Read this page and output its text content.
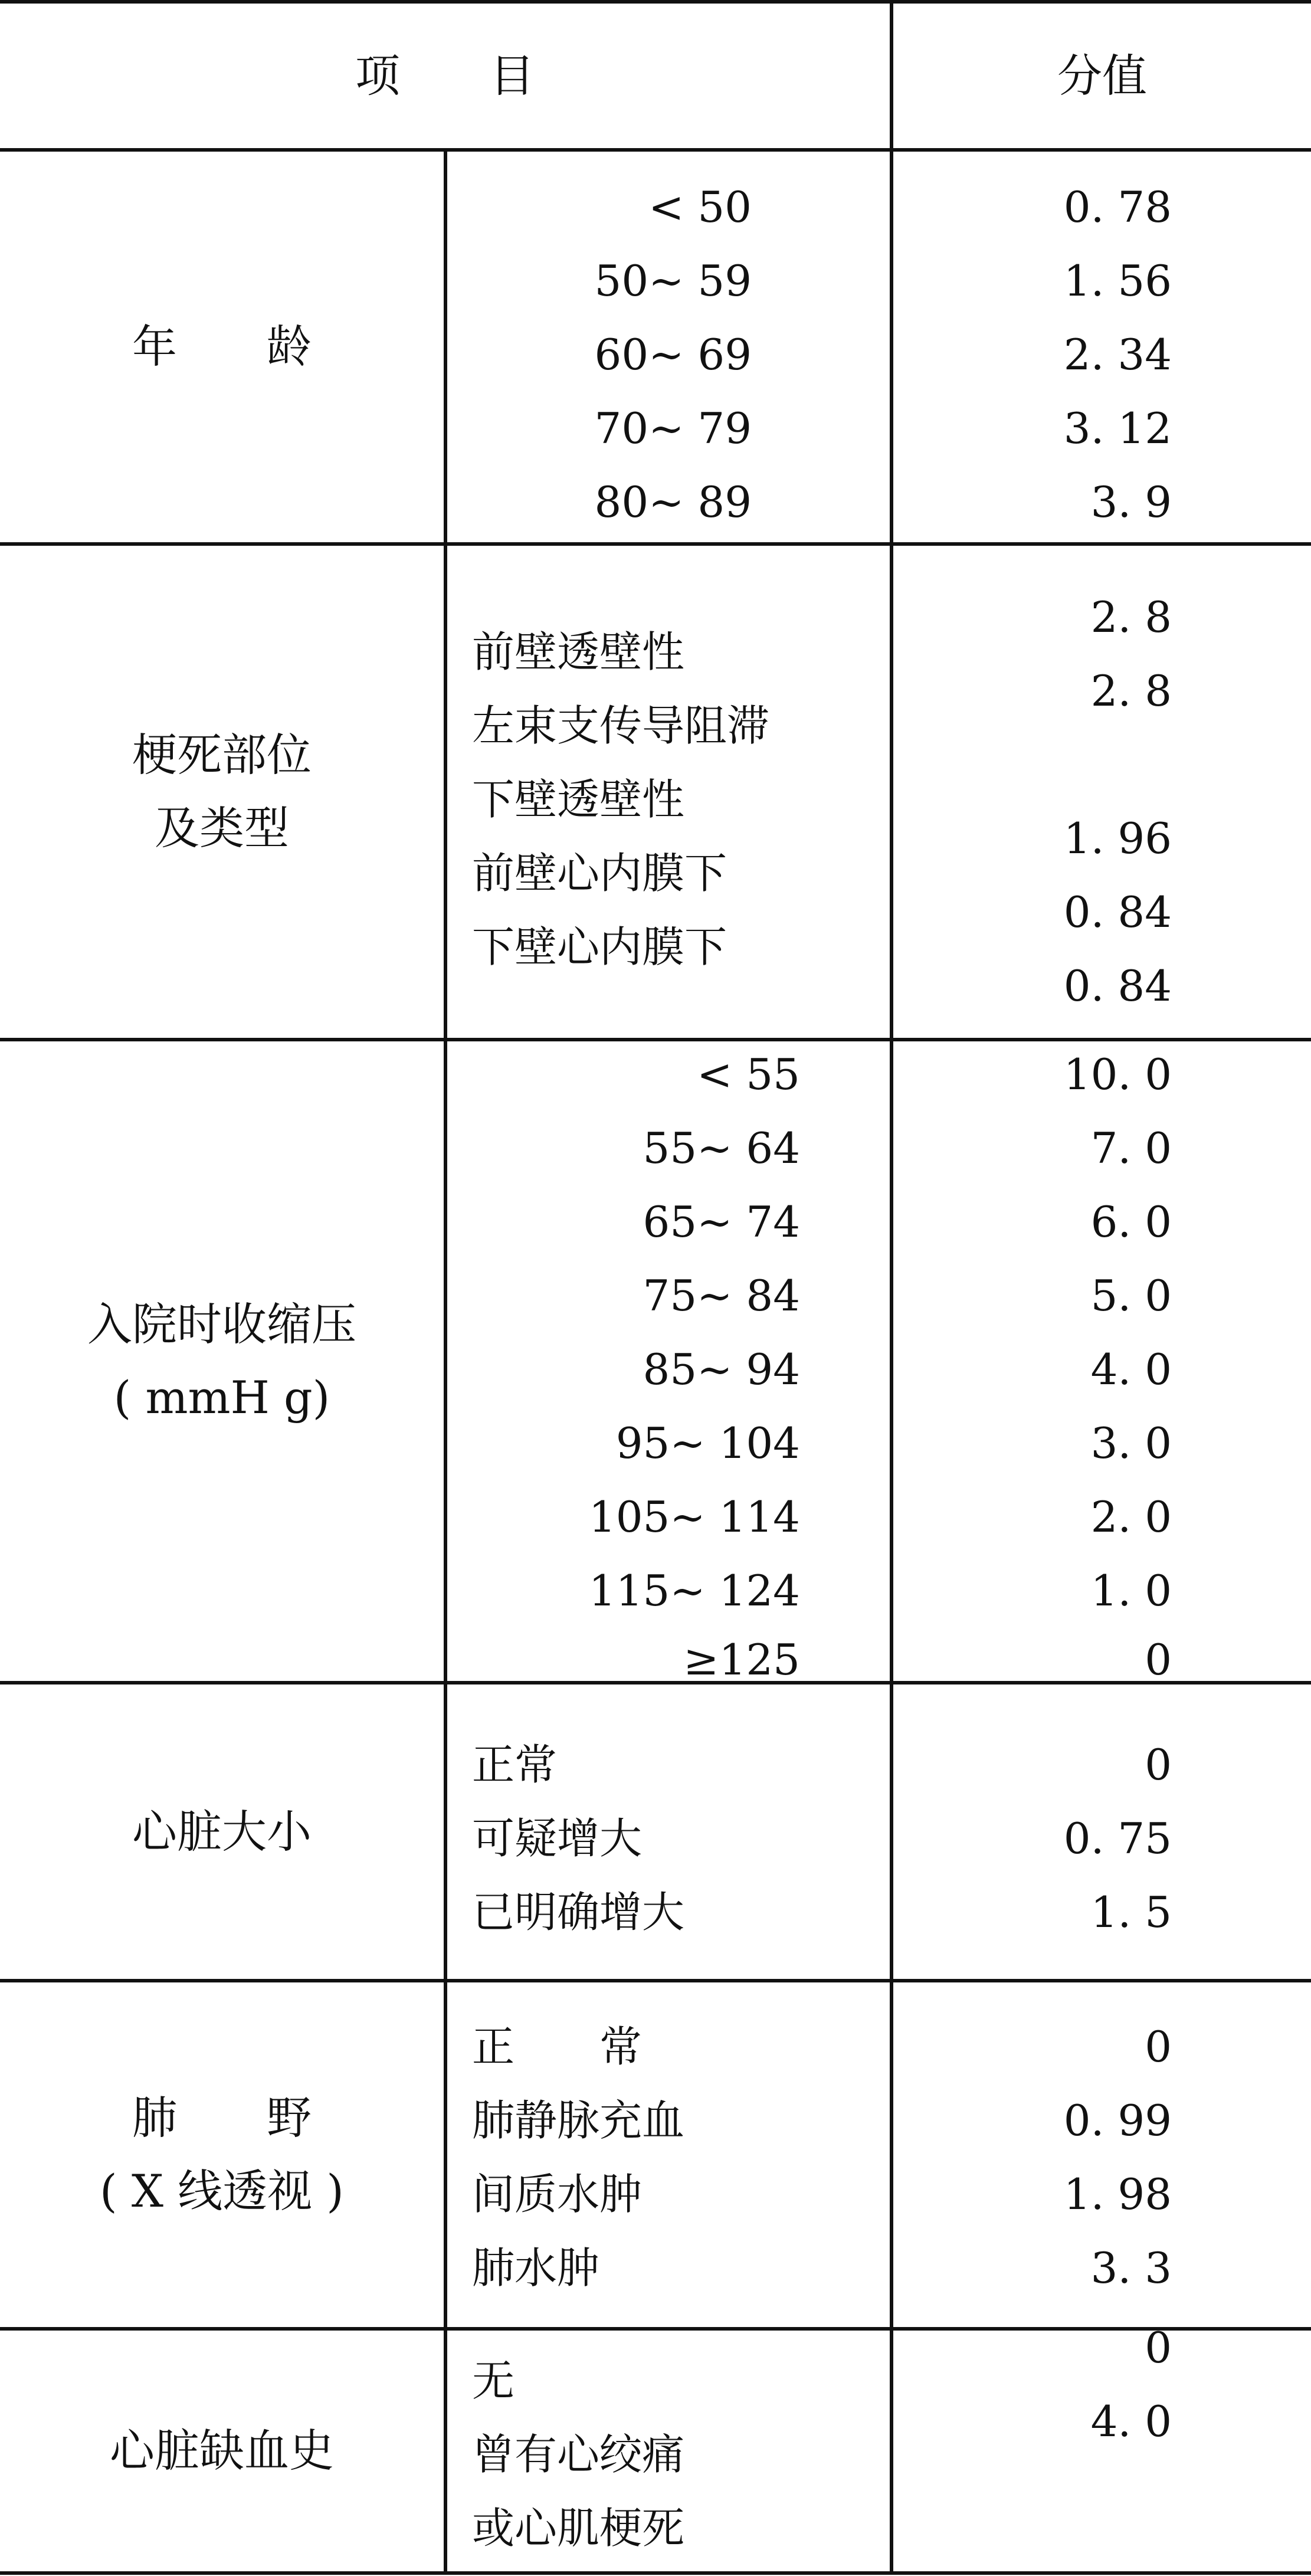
项　　目	分值
年　　龄
< 50
50~ 59
60~ 69
70~ 79
80~ 89
0. 78
1. 56
2. 34
3. 12
3. 9
梗死部位
及类型
前壁透壁性
左束支传导阻滞
下壁透壁性
前壁心内膜下
下壁心内膜下
2. 8
2. 8
1. 96
0. 84
0. 84
入院时收缩压
( mmH g)
< 55
55~ 64
65~ 74
75~ 84
85~ 94
95~ 104
105~ 114
115~ 124
≥125
10. 0
7. 0
6. 0
5. 0
4. 0
3. 0
2. 0
1. 0
0
心脏大小
正常
可疑增大
已明确增大
0
0. 75
1. 5
肺　　野
( X 线透视 )
正　　常
肺静脉充血
间质水肿
肺水肿
0
0. 99
1. 98
3. 3
心脏缺血史
无
曾有心绞痛
或心肌梗死
0
4. 0
